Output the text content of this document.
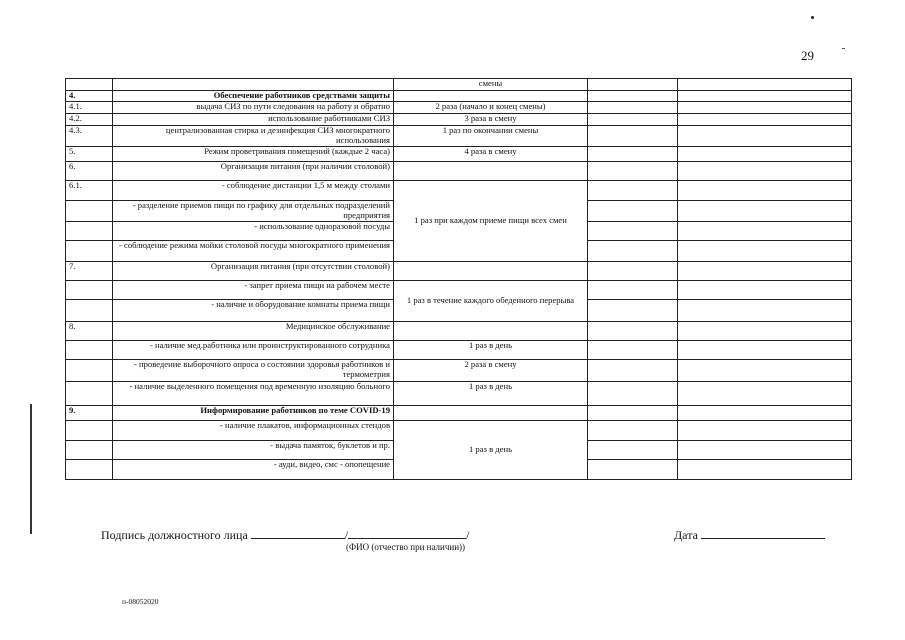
29
		смены		
4.	Обеспечение работников средствами защиты			
4.1.	выдача СИЗ по пути следования на работу и обратно	2 раза (начало и конец смены)		
4.2.	использование работниками СИЗ	3 раза в смену		
4.3.	централизованная стирка и дезинфекция СИЗ многократного использования	1 раз по окончании смены		
5.	Режим проветривания помещений (каждые 2 часа)	4 раза в смену		
6.	Организация питания (при наличии столовой)			
6.1.	- соблюдение дистанции 1,5 м между столами	1 раз при каждом приеме пищи всех смен		
	- разделение приемов пищи по графику для отдельных подразделений предприятия			
	- использование одноразовой посуды			
	- соблюдение режима мойки столовой посуды многократного применения			
7.	Организация питания (при отсутствии столовой)			
	- запрет приема пищи на рабочем месте	1 раз в течение каждого обеденного перерыва		
	- наличие и оборудование комнаты приема пищи			
8.	Медицинское обслуживание			
	- наличие мед.работника или проинструктированного сотрудника	1 раз в день		
	- проведение выборочного опроса о состоянии здоровья работников и термометрия	2 раза в смену		
	- наличие выделенного помещения под временную изоляцию больного	1 раз в день		
9.	Информирование работников по теме COVID-19			
	- наличие плакатов, информационных стендов	1 раз в день		
	- выдача памяток, буклетов и пр.			
	- ауди, видео, смс - опопещение			
Подпись должностного лица	/	/
(ФИО (отчество при наличии))
Дата
п-08052020
